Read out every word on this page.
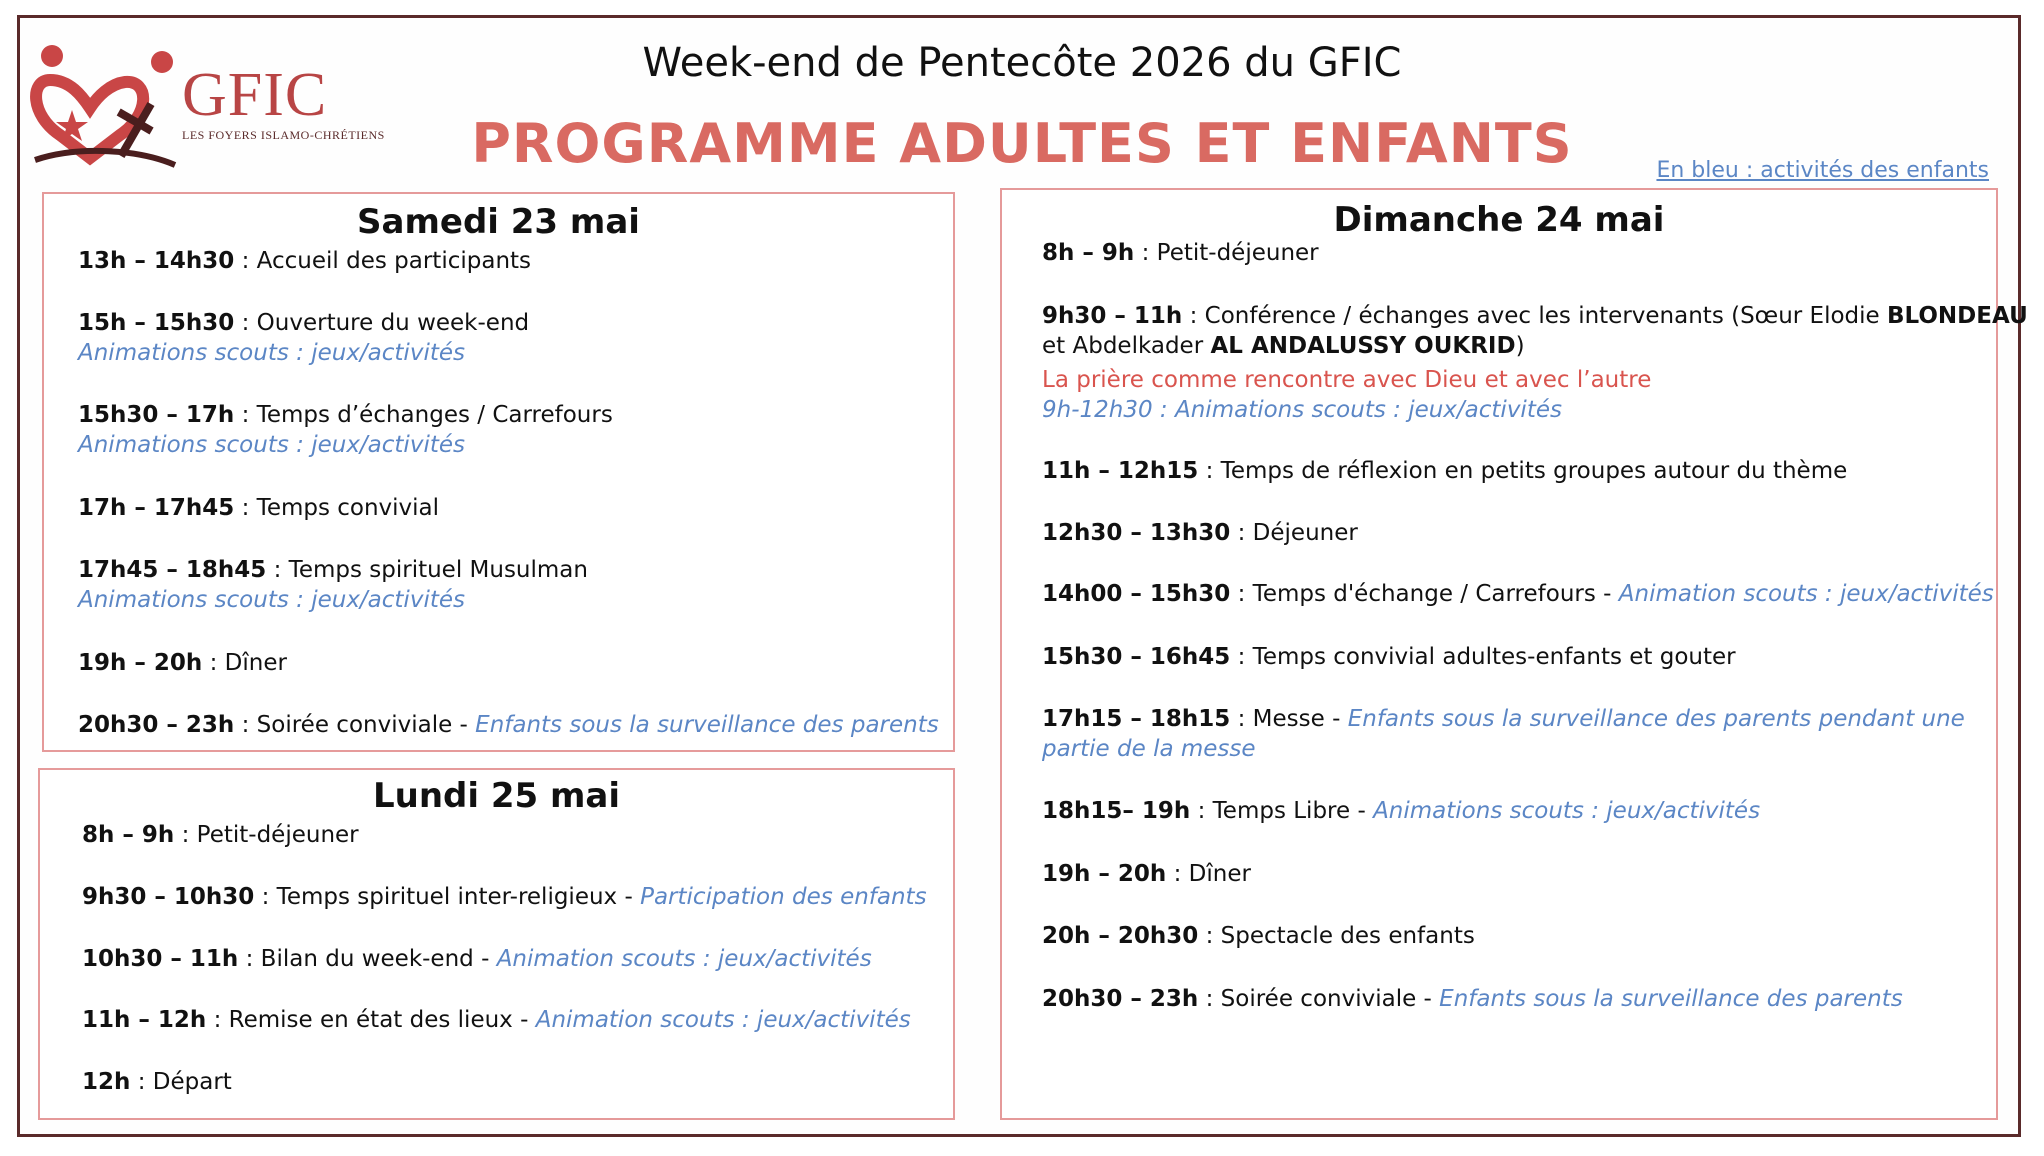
GFIC
LES FOYERS ISLAMO-CHRÉTIENS
Week-end de Pentecôte 2026 du GFIC
PROGRAMME ADULTES ET ENFANTS	En bleu : activités des enfants
Samedi 23 mai
13h – 14h30 : Accueil des participants
15h – 15h30 : Ouverture du week-end
Animations scouts : jeux/activités
15h30 – 17h : Temps d’échanges / Carrefours
Animations scouts : jeux/activités
17h – 17h45 : Temps convivial
17h45 – 18h45 : Temps spirituel Musulman
Animations scouts : jeux/activités
19h – 20h : Dîner
20h30 – 23h : Soirée conviviale - Enfants sous la surveillance des parents
Lundi 25 mai
8h – 9h : Petit-déjeuner
9h30 – 10h30 : Temps spirituel inter-religieux - Participation des enfants
10h30 – 11h : Bilan du week-end - Animation scouts : jeux/activités
11h – 12h : Remise en état des lieux - Animation scouts : jeux/activités
12h : Départ
Dimanche 24 mai
8h – 9h : Petit-déjeuner
9h30 – 11h : Conférence / échanges avec les intervenants (Sœur Elodie BLONDEAU
et Abdelkader AL ANDALUSSY OUKRID)
La prière comme rencontre avec Dieu et avec l’autre
9h-12h30 : Animations scouts : jeux/activités
11h – 12h15 : Temps de réflexion en petits groupes autour du thème
12h30 – 13h30 : Déjeuner
14h00 – 15h30 : Temps d'échange / Carrefours - Animation scouts : jeux/activités
15h30 – 16h45 : Temps convivial adultes-enfants et gouter
17h15 – 18h15 : Messe - Enfants sous la surveillance des parents pendant une partie de la messe
18h15– 19h : Temps Libre - Animations scouts : jeux/activités
19h – 20h : Dîner
20h – 20h30 : Spectacle des enfants
20h30 – 23h : Soirée conviviale - Enfants sous la surveillance des parents
